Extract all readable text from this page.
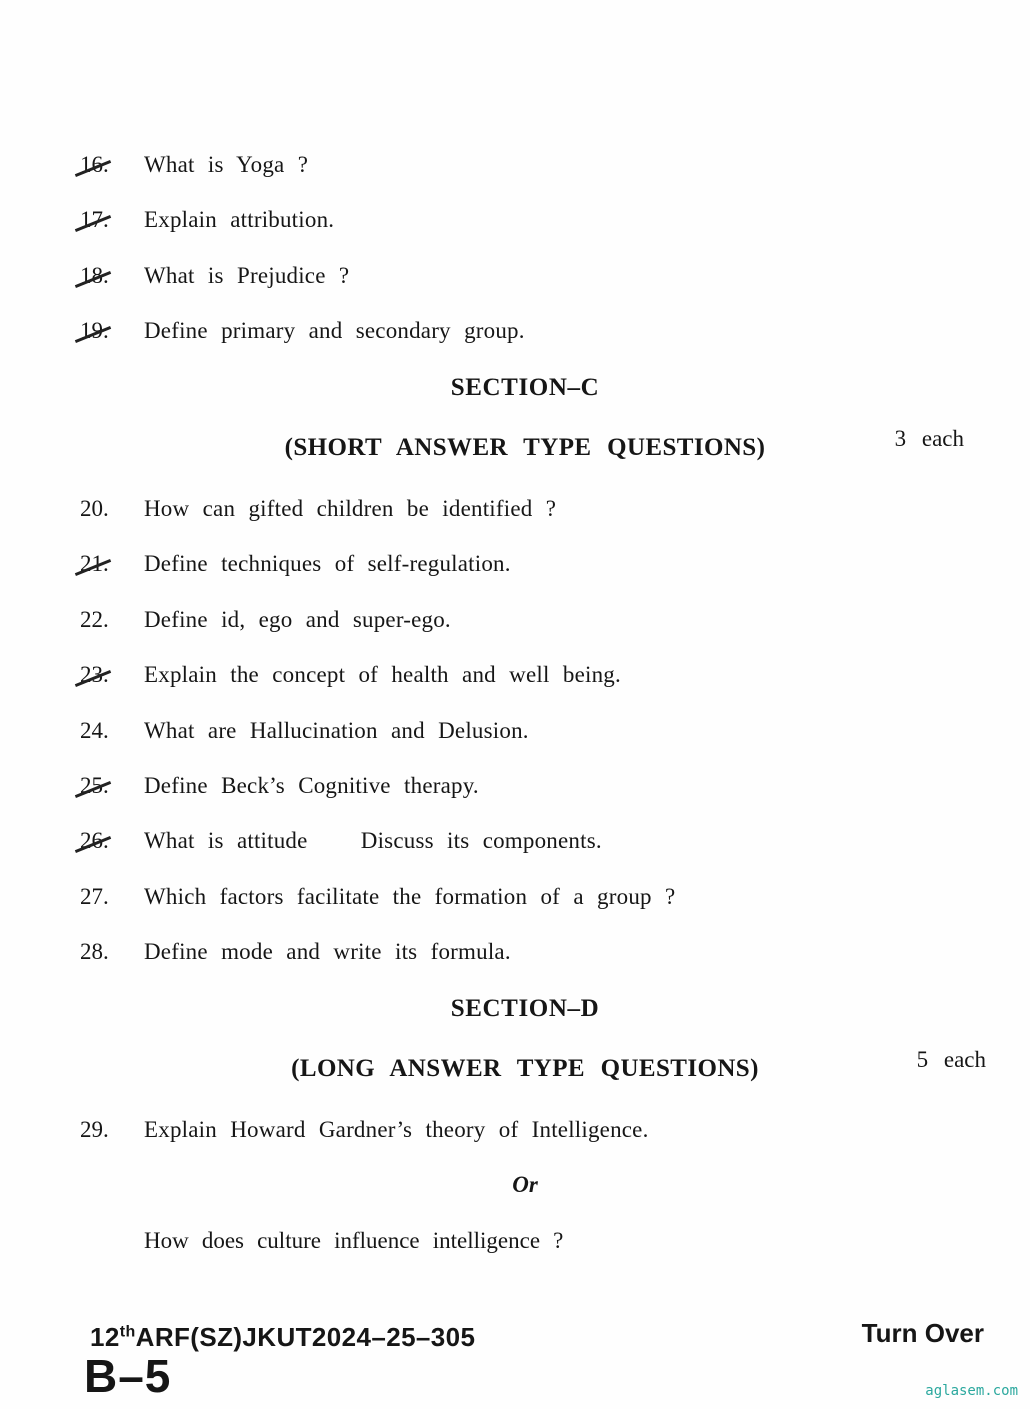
16.	What is Yoga ?
17.	Explain attribution.
18.	What is Prejudice ?
19.	Define primary and secondary group.
SECTION–C
(SHORT ANSWER TYPE QUESTIONS)	3 each
20.	How can gifted children be identified ?
21.	Define techniques of self-regulation.
22.	Define id, ego and super-ego.
23.	Explain the concept of health and well being.
24.	What are Hallucination and Delusion.
25.	Define Beck’s Cognitive therapy.
26.	What is attitude    Discuss its components.
27.	Which factors facilitate the formation of a group ?
28.	Define mode and write its formula.
SECTION–D
(LONG ANSWER TYPE QUESTIONS)	5 each
29.	Explain Howard Gardner’s theory of Intelligence.
Or
How does culture influence intelligence ?
12thARF(SZ)JKUT2024–25–305	Turn Over
B–5	aglasem.com
